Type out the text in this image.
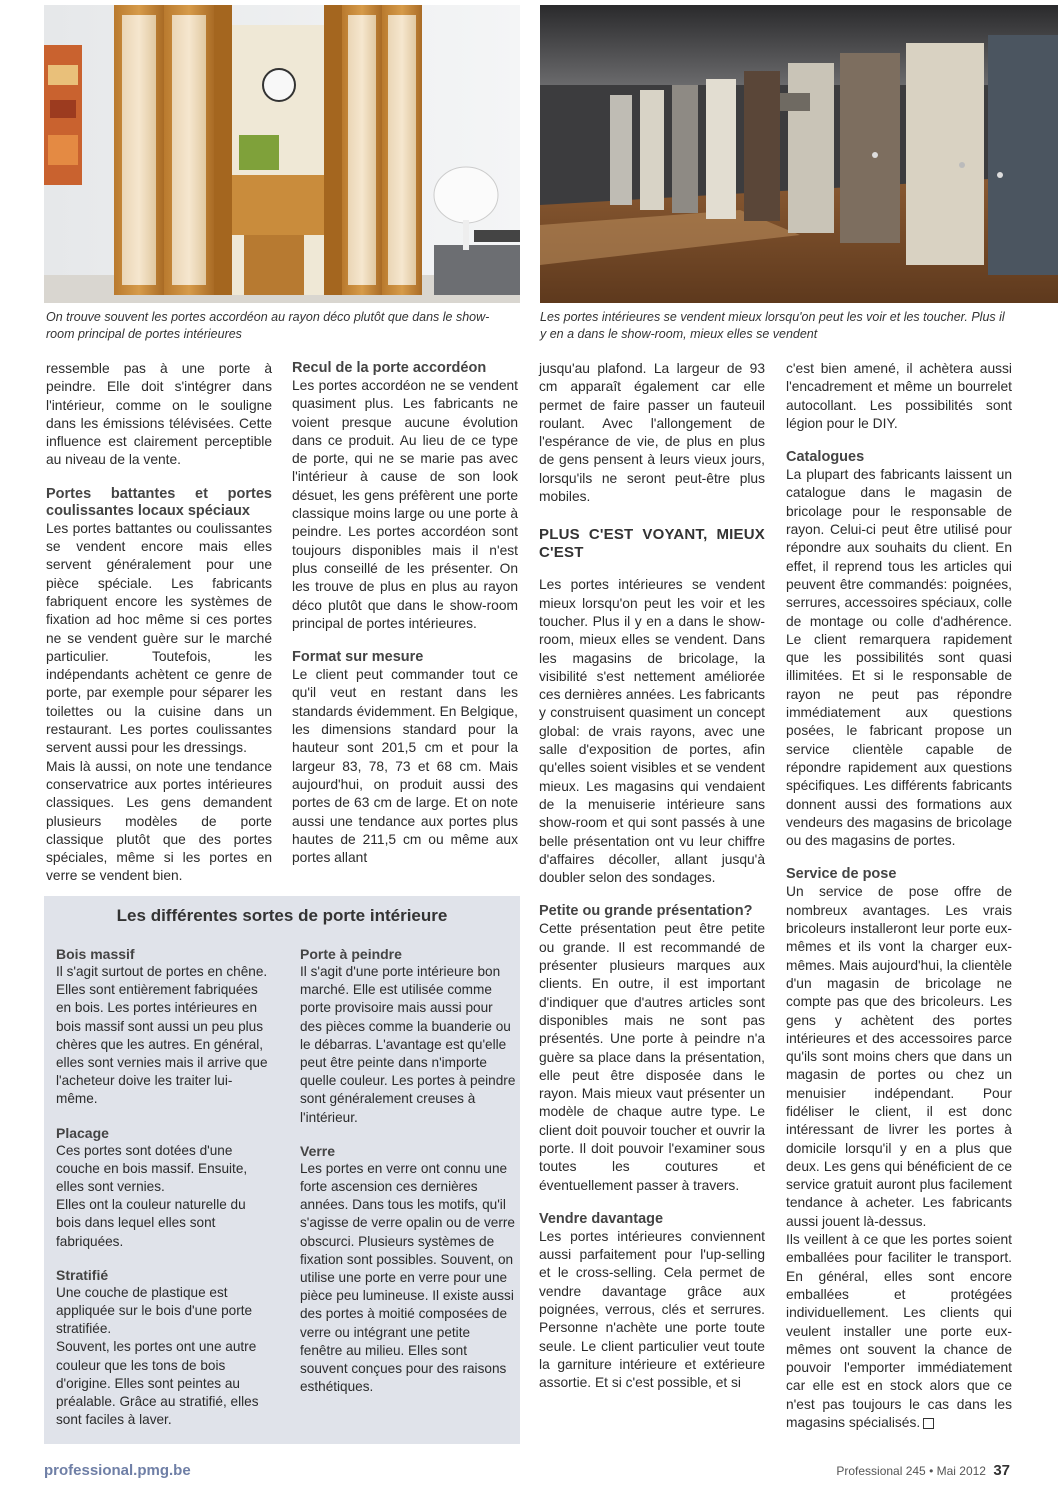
On trouve souvent les portes accordéon au rayon déco plutôt que dans le show-room principal de portes intérieures

Les portes intérieures se vendent mieux lorsqu'on peut les voir et les toucher. Plus il y en a dans le show-room, mieux elles se vendent

ressemble pas à une porte à peindre. Elle doit s'intégrer dans l'intérieur, comme on le souligne dans les émissions télévisées. Cette influence est clairement perceptible au niveau de la vente.

Portes battantes et portes coulissantes locaux spéciaux

Les portes battantes ou coulissantes se vendent encore mais elles servent généralement pour une pièce spéciale. Les fabricants fabriquent encore les systèmes de fixation ad hoc même si ces portes ne se vendent guère sur le marché particulier. Toutefois, les indépendants achètent ce genre de porte, par exemple pour séparer les toilettes ou la cuisine dans un restaurant. Les portes coulissantes servent aussi pour les dressings.

Mais là aussi, on note une tendance conservatrice aux portes intérieures classiques. Les gens demandent plusieurs modèles de porte classique plutôt que des portes spéciales, même si les portes en verre se vendent bien.

Recul de la porte accordéon

Les portes accordéon ne se vendent quasiment plus. Les fabricants ne voient presque aucune évolution dans ce produit. Au lieu de ce type de porte, qui ne se marie pas avec l'intérieur à cause de son look désuet, les gens préfèrent une porte classique moins large ou une porte à peindre. Les portes accordéon sont toujours disponibles mais il n'est plus conseillé de les présenter. On les trouve de plus en plus au rayon déco plutôt que dans le show-room principal de portes intérieures.

Format sur mesure

Le client peut commander tout ce qu'il veut en restant dans les standards évidemment. En Belgique, les dimensions standard pour la hauteur sont 201,5 cm et pour la largeur 83, 78, 73 et 68 cm. Mais aujourd'hui, on produit aussi des portes de 63 cm de large. Et on note aussi une tendance aux portes plus hautes de 211,5 cm ou même aux portes allant

jusqu'au plafond. La largeur de 93 cm apparaît également car elle permet de faire passer un fauteuil roulant. Avec l'allongement de l'espérance de vie, de plus en plus de gens pensent à leurs vieux jours, lorsqu'ils ne seront peut-être plus mobiles.

PLUS C'EST VOYANT, MIEUX C'EST

Les portes intérieures se vendent mieux lorsqu'on peut les voir et les toucher. Plus il y en a dans le show-room, mieux elles se vendent. Dans les magasins de bricolage, la visibilité s'est nettement améliorée ces dernières années. Les fabricants y construisent quasiment un concept global: de vrais rayons, avec une salle d'exposition de portes, afin qu'elles soient visibles et se vendent mieux. Les magasins qui vendaient de la menuiserie intérieure sans show-room et qui sont passés à une belle présentation ont vu leur chiffre d'affaires décoller, allant jusqu'à doubler selon des sondages.

Petite ou grande présentation?

Cette présentation peut être petite ou grande. Il est recommandé de présenter plusieurs marques aux clients. En outre, il est important d'indiquer que d'autres articles sont disponibles mais ne sont pas présentés. Une porte à peindre n'a guère sa place dans la présentation, elle peut être disposée dans le rayon. Mais mieux vaut présenter un modèle de chaque autre type. Le client doit pouvoir toucher et ouvrir la porte. Il doit pouvoir l'examiner sous toutes les coutures et éventuellement passer à travers.

Vendre davantage

Les portes intérieures conviennent aussi parfaitement pour l'up-selling et le cross-selling. Cela permet de vendre davantage grâce aux poignées, verrous, clés et serrures. Personne n'achète une porte toute seule. Le client particulier veut toute la garniture intérieure et extérieure assortie. Et si c'est possible, et si

c'est bien amené, il achètera aussi l'encadrement et même un bourrelet autocollant. Les possibilités sont légion pour le DIY.

Catalogues

La plupart des fabricants laissent un catalogue dans le magasin de bricolage pour le responsable de rayon. Celui-ci peut être utilisé pour répondre aux souhaits du client. En effet, il reprend tous les articles qui peuvent être commandés: poignées, serrures, accessoires spéciaux, colle de montage ou colle d'adhérence. Le client remarquera rapidement que les possibilités sont quasi illimitées. Et si le responsable de rayon ne peut pas répondre immédiatement aux questions posées, le fabricant propose un service clientèle capable de répondre rapidement aux questions spécifiques. Les différents fabricants donnent aussi des formations aux vendeurs des magasins de bricolage ou des magasins de portes.

Service de pose

Un service de pose offre de nombreux avantages. Les vrais bricoleurs installeront leur porte eux-mêmes et ils vont la charger eux-mêmes. Mais aujourd'hui, la clientèle d'un magasin de bricolage ne compte pas que des bricoleurs. Les gens y achètent des portes intérieures et des accessoires parce qu'ils sont moins chers que dans un magasin de portes ou chez un menuisier indépendant. Pour fidéliser le client, il est donc intéressant de livrer les portes à domicile lorsqu'il y en a plus que deux. Les gens qui bénéficient de ce service gratuit auront plus facilement tendance à acheter. Les fabricants aussi jouent là-dessus.

Ils veillent à ce que les portes soient emballées pour faciliter le transport. En général, elles sont encore emballées et protégées individuellement. Les clients qui veulent installer une porte eux-mêmes ont souvent la chance de pouvoir l'emporter immédiatement car elle est en stock alors que ce n'est pas toujours le cas dans les magasins spécialisés.

Les différentes sortes de porte intérieure
Bois massif

Il s'agit surtout de portes en chêne. Elles sont entièrement fabriquées en bois. Les portes intérieures en bois massif sont aussi un peu plus chères que les autres. En général, elles sont vernies mais il arrive que l'acheteur doive les traiter lui-même.

Placage

Ces portes sont dotées d'une couche en bois massif. Ensuite, elles sont vernies.

Elles ont la couleur naturelle du bois dans lequel elles sont fabriquées.

Stratifié

Une couche de plastique est appliquée sur le bois d'une porte stratifiée.

Souvent, les portes ont une autre couleur que les tons de bois d'origine. Elles sont peintes au préalable. Grâce au stratifié, elles sont faciles à laver.

Porte à peindre

Il s'agit d'une porte intérieure bon marché. Elle est utilisée comme porte provisoire mais aussi pour des pièces comme la buanderie ou le débarras. L'avantage est qu'elle peut être peinte dans n'importe quelle couleur. Les portes à peindre sont généralement creuses à l'intérieur.

Verre

Les portes en verre ont connu une forte ascension ces dernières années. Dans tous les motifs, qu'il s'agisse de verre opalin ou de verre obscurci. Plusieurs systèmes de fixation sont possibles. Souvent, on utilise une porte en verre pour une pièce peu lumineuse. Il existe aussi des portes à moitié composées de verre ou intégrant une petite fenêtre au milieu. Elles sont souvent conçues pour des raisons esthétiques.

professional.pmg.be	Professional 245 • Mai 2012 37
